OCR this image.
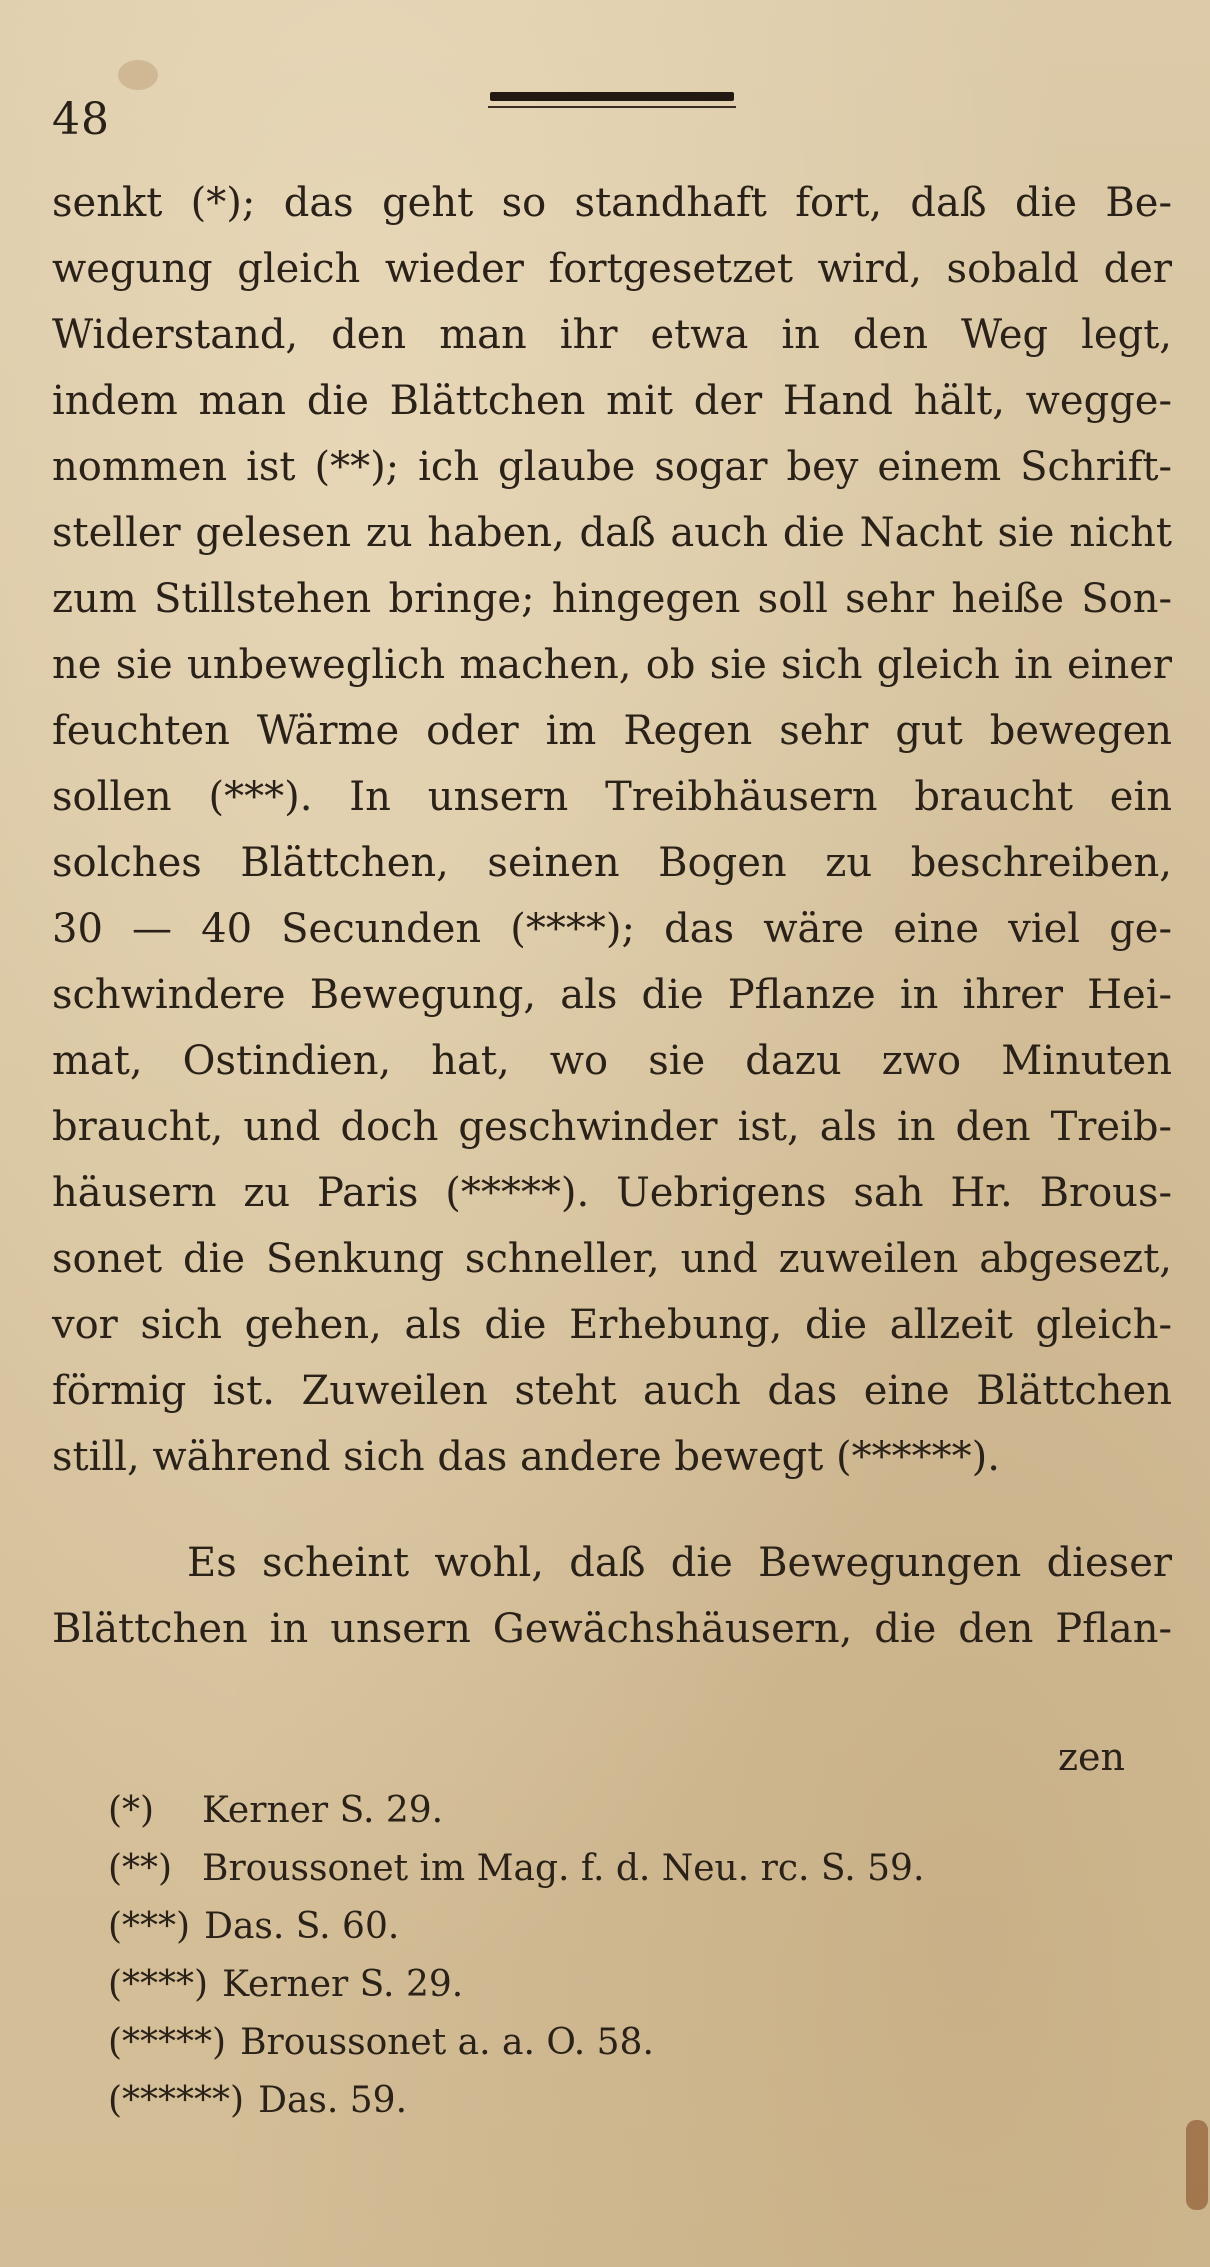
48
senkt (*); das geht so standhaft fort, daß die Be-
wegung gleich wieder fortgesetzet wird, sobald der
Widerstand, den man ihr etwa in den Weg legt,
indem man die Blättchen mit der Hand hält, wegge-
nommen ist (**); ich glaube sogar bey einem Schrift-
steller gelesen zu haben, daß auch die Nacht sie nicht
zum Stillstehen bringe; hingegen soll sehr heiße Son-
ne sie unbeweglich machen, ob sie sich gleich in einer
feuchten Wärme oder im Regen sehr gut bewegen
sollen (***). In unsern Treibhäusern braucht ein
solches Blättchen, seinen Bogen zu beschreiben,
30 — 40 Secunden (****); das wäre eine viel ge-
schwindere Bewegung, als die Pflanze in ihrer Hei-
mat, Ostindien, hat, wo sie dazu zwo Minuten
braucht, und doch geschwinder ist, als in den Treib-
häusern zu Paris (*****). Uebrigens sah Hr. Brous-
sonet die Senkung schneller, und zuweilen abgesezt,
vor sich gehen, als die Erhebung, die allzeit gleich-
förmig ist. Zuweilen steht auch das eine Blättchen
still, während sich das andere bewegt (******).
Es scheint wohl, daß die Bewegungen dieser
Blättchen in unsern Gewächshäusern, die den Pflan-
zen
(*) Kerner S. 29.
(**) Broussonet im Mag. f. d. Neu. rc. S. 59.
(***) Das. S. 60.
(****) Kerner S. 29.
(*****) Broussonet a. a. O. 58.
(******) Das. 59.
